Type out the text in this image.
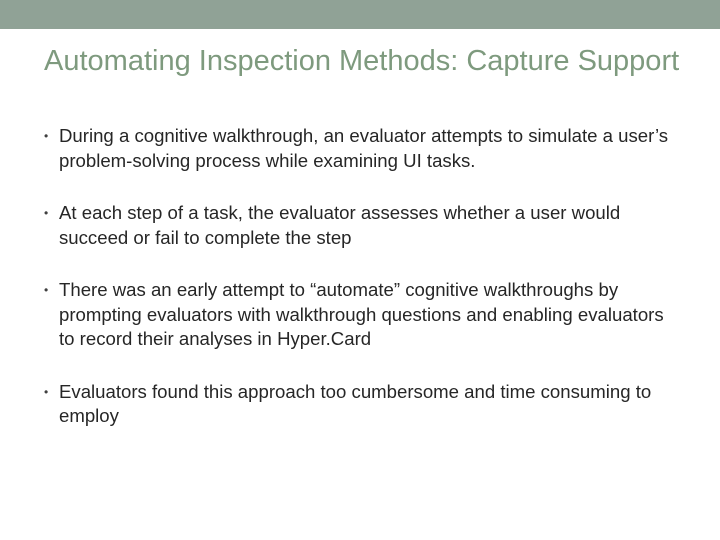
Automating Inspection Methods: Capture Support
• During a cognitive walkthrough, an evaluator attempts to simulate a user’s problem-solving process while examining UI tasks.
• At each step of a task, the evaluator assesses whether a user would succeed or fail to complete the step
• There was an early attempt to “automate” cognitive walkthroughs by prompting evaluators with walkthrough questions and enabling evaluators to record their analyses in Hyper.Card
• Evaluators found this approach too cumbersome and time consuming to employ
